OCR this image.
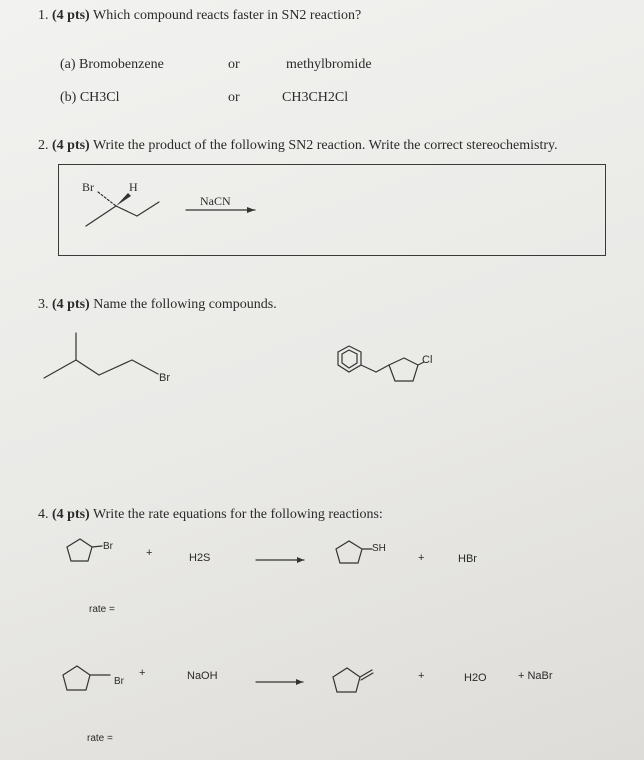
1. (4 pts) Which compound reacts faster in SN2 reaction?
(a) Bromobenzene	or	methylbromide
(b) CH3Cl	or	CH3CH2Cl
2. (4 pts) Write the product of the following SN2 reaction. Write the correct stereochemistry.
Br	H
NaCN
3. (4 pts) Name the following compounds.
Br
Cl
4. (4 pts) Write the rate equations for the following reactions:
Br
+	H2S
SH
+	HBr
rate =
Br
+	NaOH	+	H2O	+ NaBr
rate =
